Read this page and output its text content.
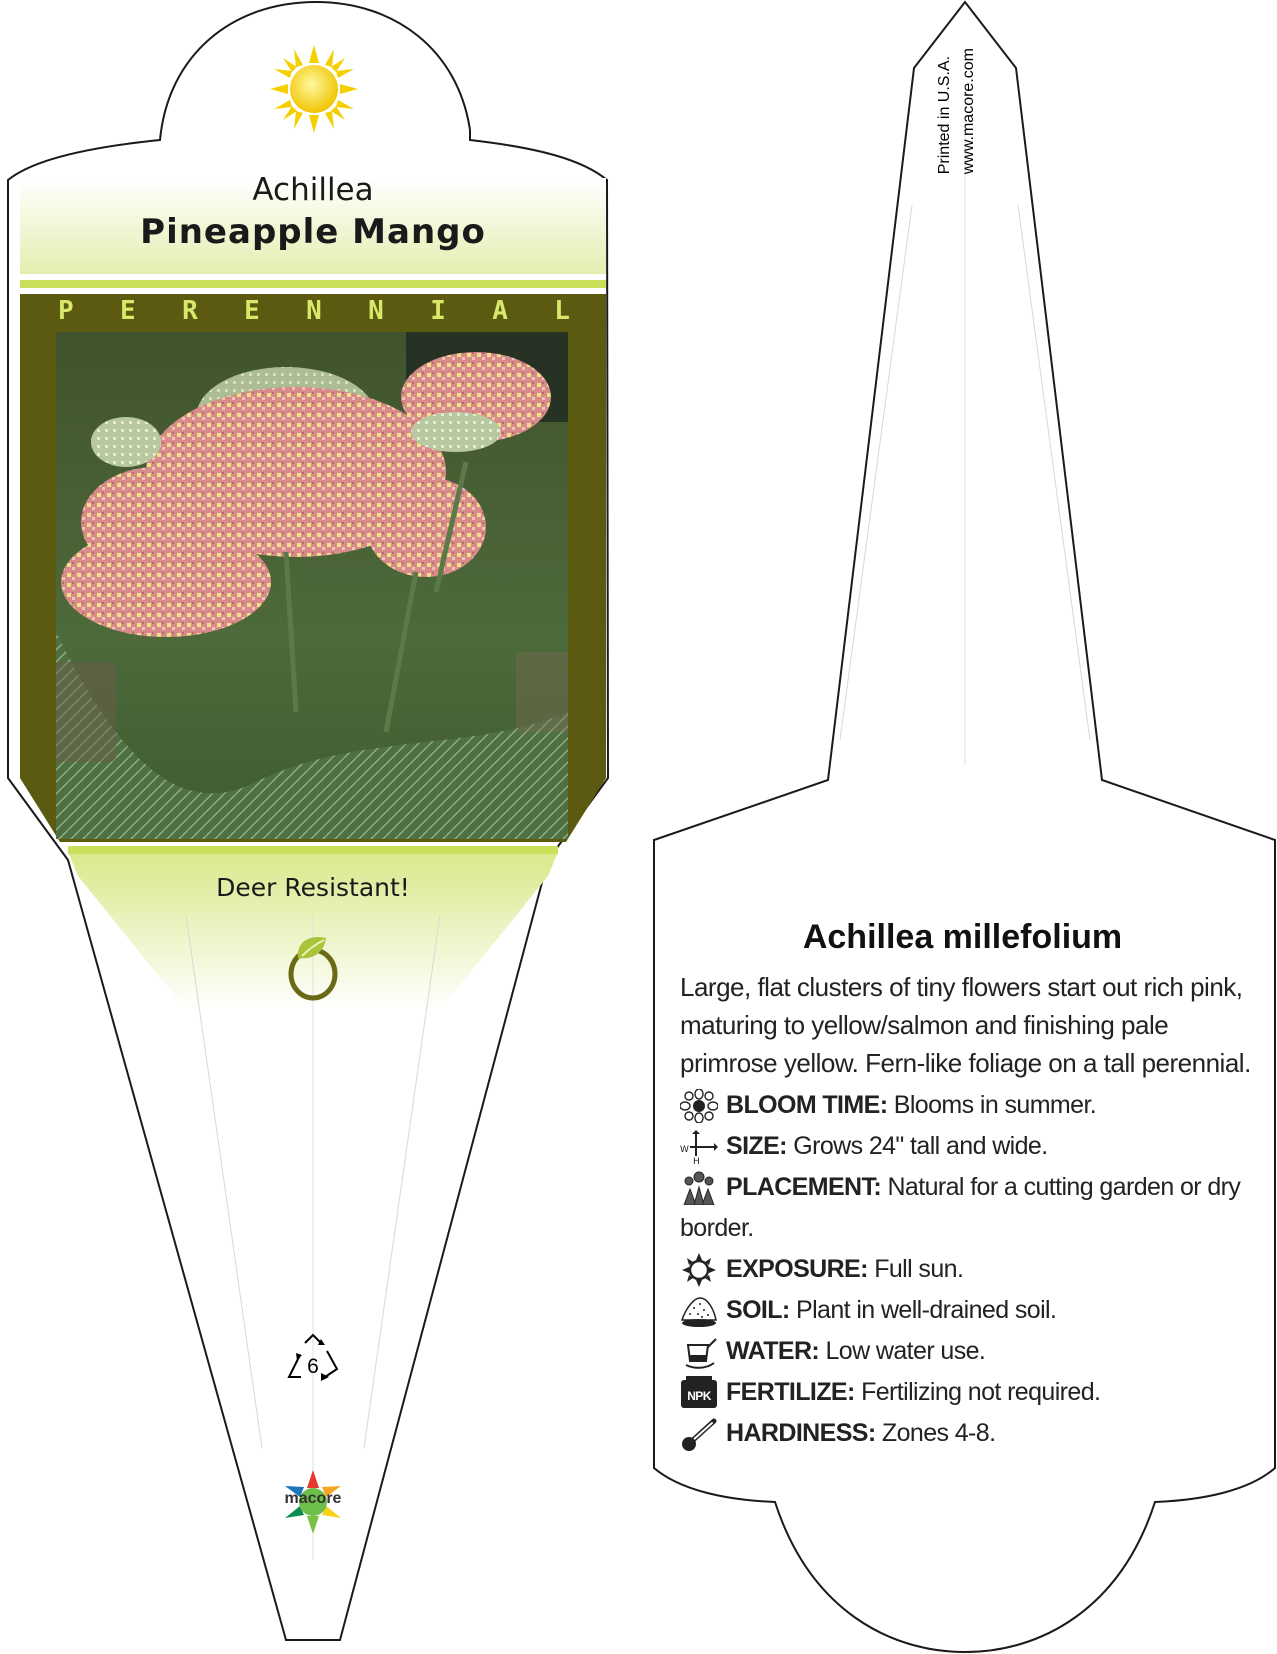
Achillea
Pineapple Mango
P E R E N N I A L
Deer Resistant!
6
macore
Printed in U.S.A. www.macore.com
Achillea millefolium
Large, flat clusters of tiny flowers start out rich pink, maturing to yellow/salmon and finishing pale primrose yellow. Fern-like foliage on a tall perennial.
BLOOM TIME: Blooms in summer.
W
H
SIZE: Grows 24" tall and wide.
PLACEMENT: Natural for a cutting garden or dry
border.
EXPOSURE: Full sun.
SOIL: Plant in well-drained soil.
WATER: Low water use.
NPK FERTILIZE: Fertilizing not required.
HARDINESS: Zones 4-8.
